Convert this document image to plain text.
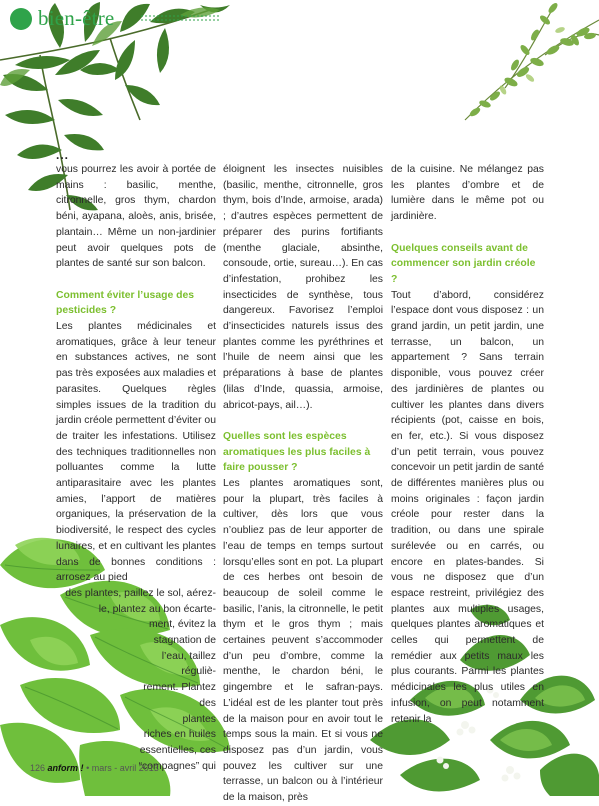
bien-être
...

vous pourrez les avoir à portée de mains : basilic, menthe, citronnelle, gros thym, chardon béni, ayapana, aloès, anis, brisée, plantain… Même un non-jardinier peut avoir quelques pots de plantes de santé sur son balcon.

Comment éviter l’usage des pesticides ?

Les plantes médicinales et aromatiques, grâce à leur teneur en substances actives, ne sont pas très exposées aux maladies et parasites. Quelques règles simples issues de la tradition du jardin créole permettent d’éviter ou de traiter les infestations. Utilisez des techniques traditionnelles non polluantes comme la lutte antiparasitaire avec les plantes amies, l’apport de matières organiques, la préservation de la biodiversité, le respect des cycles lunaires, et en cultivant les plantes dans de bonnes conditions : arrosez au pied

des plantes, paillez le sol, aérez-
le, plantez au bon écarte-
ment, évitez la
stagnation de
l’eau, taillez
réguliè-
rement. Plantez
des
plantes
riches en huiles
essentielles, ces
“compagnes” qui

éloignent les insectes nuisibles (basilic, menthe, citronnelle, gros thym, bois d’Inde, armoise, arada) ; d’autres espèces permettent de préparer des purins fortifiants (menthe glaciale, absinthe, consoude, ortie, sureau…). En cas d’infestation, prohibez les insecticides de synthèse, tous dangereux. Favorisez l’emploi d’insecticides naturels issus des plantes comme les pyréthrines et l’huile de neem ainsi que les préparations à base de plantes (lilas d’Inde, quassia, armoise, abricot-pays, ail…).

Quelles sont les espèces aromatiques les plus faciles à faire pousser ?

Les plantes aromatiques sont, pour la plupart, très faciles à cultiver, dès lors que vous n’oubliez pas de leur apporter de l’eau de temps en temps surtout lorsqu’elles sont en pot. La plupart de ces herbes ont besoin de beaucoup de soleil comme le basilic, l’anis, la citronnelle, le petit thym et le gros thym ; mais certaines peuvent s’accommoder d’un peu d’ombre, comme la menthe, le chardon béni, le gingembre et le safran-pays. L’idéal est de les planter tout près de la maison pour en avoir tout le temps sous la main. Et si vous ne disposez pas d’un jardin, vous pouvez les cultiver sur une terrasse, un balcon ou à l’intérieur de la maison, près

de la cuisine. Ne mélangez pas les plantes d’ombre et de lumière dans le même pot ou jardinière.

Quelques conseils avant de commencer son jardin créole ?

Tout d’abord, considérez l’espace dont vous disposez : un grand jardin, un petit jardin, une terrasse, un balcon, un appartement ? Sans terrain disponible, vous pouvez créer des jardinières de plantes ou cultiver les plantes dans divers récipients (pot, caisse en bois, en fer, etc.). Si vous disposez d’un petit terrain, vous pouvez concevoir un petit jardin de santé de différentes manières plus ou moins originales : façon jardin créole pour rester dans la tradition, ou dans une spirale surélevée ou en carrés, ou encore en plates-bandes. Si vous ne disposez que d’un espace restreint, privilégiez des plantes aux multiples usages, quelques plantes aromatiques et celles qui permettent de remédier aux petits maux les plus courants. Parmi les plantes médicinales les plus utiles en infusion, on peut notamment retenir la

126 anform ! • mars - avril 2013
